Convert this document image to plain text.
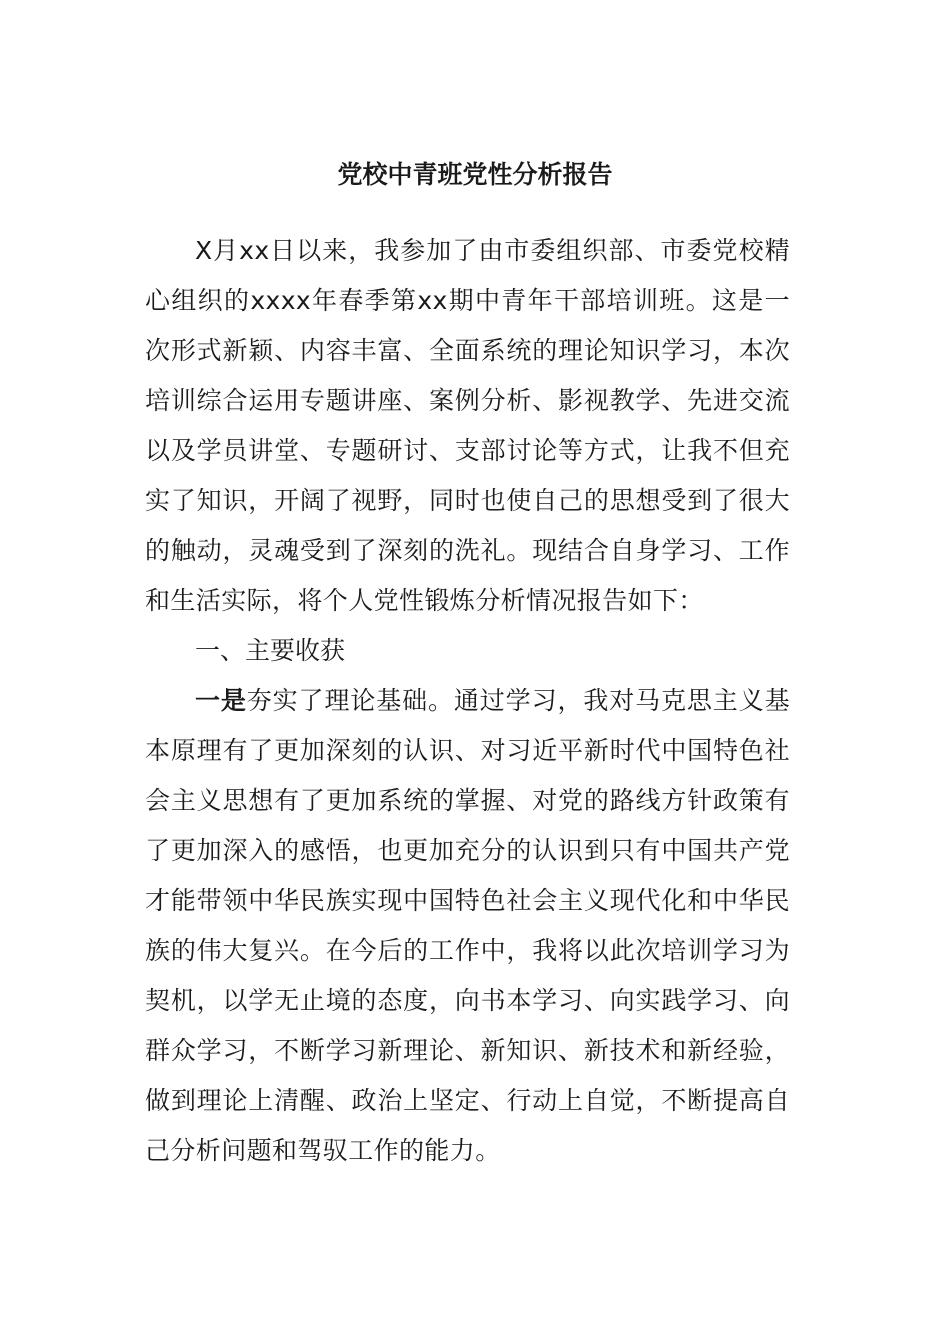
党校中青班党性分析报告

X月xx日以来，我参加了由市委组织部、市委党校精心组织的xxxx年春季第xx期中青年干部培训班。这是一次形式新颖、内容丰富、全面系统的理论知识学习，本次培训综合运用专题讲座、案例分析、影视教学、先进交流以及学员讲堂、专题研讨、支部讨论等方式，让我不但充实了知识，开阔了视野，同时也使自己的思想受到了很大的触动，灵魂受到了深刻的洗礼。现结合自身学习、工作和生活实际，将个人党性锻炼分析情况报告如下：

一、主要收获

一是夯实了理论基础。通过学习，我对马克思主义基本原理有了更加深刻的认识、对习近平新时代中国特色社会主义思想有了更加系统的掌握、对党的路线方针政策有了更加深入的感悟，也更加充分的认识到只有中国共产党才能带领中华民族实现中国特色社会主义现代化和中华民族的伟大复兴。在今后的工作中，我将以此次培训学习为契机，以学无止境的态度，向书本学习、向实践学习、向群众学习，不断学习新理论、新知识、新技术和新经验，做到理论上清醒、政治上坚定、行动上自觉，不断提高自己分析问题和驾驭工作的能力。
